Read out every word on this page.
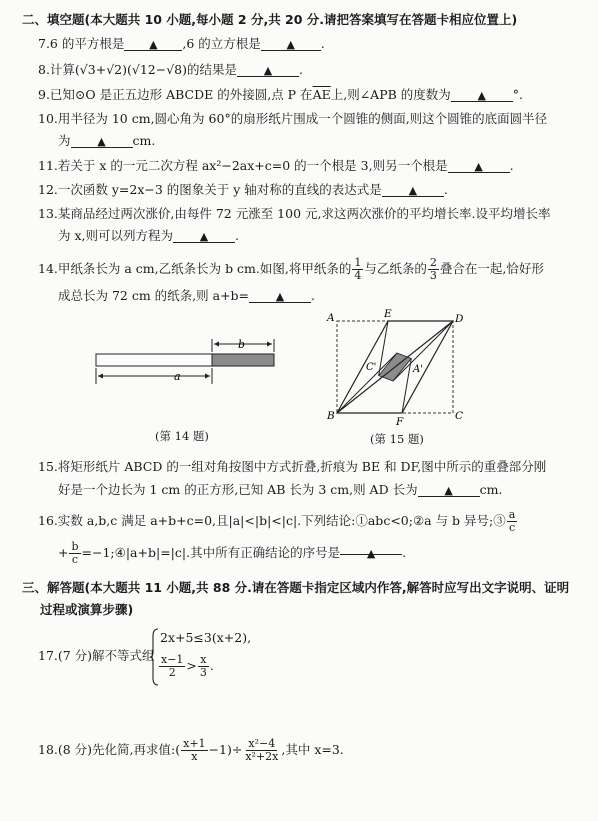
二、填空题(本大题共 10 小题,每小题 2 分,共 20 分.请把答案填写在答题卡相应位置上)
7.6 的平方根是 ▲ ,6 的立方根是 ▲ .
8.计算(√3+√2)(√12−√8)的结果是 ▲ .
9.已知⊙O 是正五边形 ABCDE 的外接圆,点 P 在$\overline{AE}$上,则∠APB 的度数为 ▲ °.
10.用半径为 10 cm,圆心角为 60°的扇形纸片围成一个圆锥的侧面,则这个圆锥的底面圆半径
为 ▲ cm.
11.若关于 x 的一元二次方程 ax²−2ax+c=0 的一个根是 3,则另一个根是 ▲ .
12.一次函数 y=2x−3 的图象关于 y 轴对称的直线的表达式是 ▲ .
13.某商品经过两次涨价,由每件 72 元涨至 100 元,求这两次涨价的平均增长率.设平均增长率
为 x,则可以列方程为 ▲ .
14.甲纸条长为 a cm,乙纸条长为 b cm.如图,将甲纸条的 $\frac{1}{4}$ 与乙纸条的 $\frac{2}{3}$ 叠合在一起,恰好形
成总长为 72 cm 的纸条,则 a+b= ▲ .
b
a
(第 14 题)
A	E	D
C'	A'
B	F	C
(第 15 题)
15.将矩形纸片 ABCD 的一组对角按图中方式折叠,折痕为 BE 和 DF,图中所示的重叠部分刚
好是一个边长为 1 cm 的正方形,已知 AB 长为 3 cm,则 AD 长为 ▲ cm.
16.实数 a,b,c 满足 a+b+c=0,且|a|<|b|<|c|.下列结论:①abc<0;②a 与 b 异号;③ $\frac{a}{c}$
+ $\frac{b}{c}$ =−1;④|a+b|=|c|.其中所有正确结论的序号是 ▲ .
三、解答题(本大题共 11 小题,共 88 分.请在答题卡指定区域内作答,解答时应写出文字说明、证明
过程或演算步骤)
17.(7 分)解不等式组
2x+5≤3(x+2),
$\frac{x-1}{2} > \frac{x}{3}$ .
18.(8 分)先化简,再求值:( $\frac{x+1}{x} -1)\div \frac{\text{x²−4}}{\text{x²+2x}}$ ,其中 x=3.
